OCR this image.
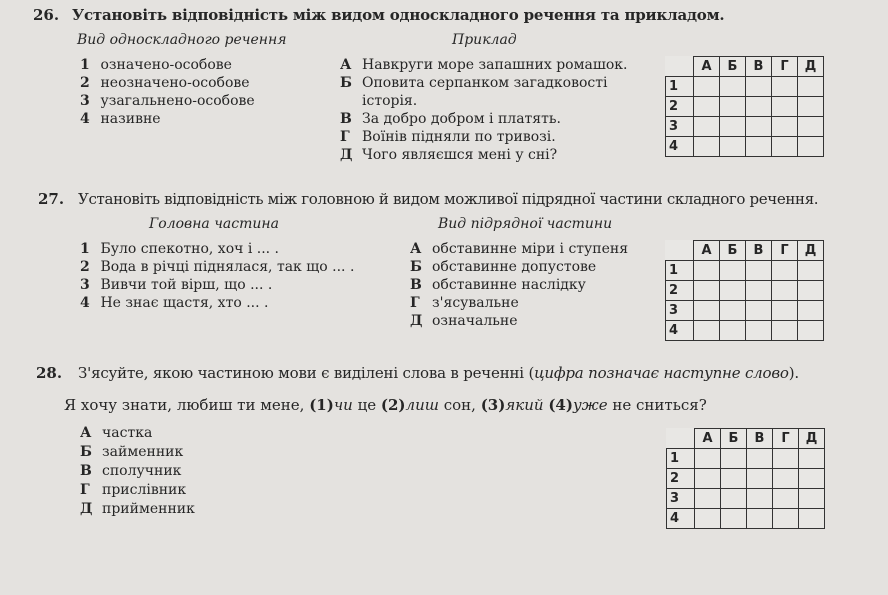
26. Установіть відповідність між видом односкладного речення та прикладом.
Вид односкладного речення	Приклад
1 означено-особове
2 неозначено-особове
3 узагальнено-особове
4 називне
А Навкруги море запашних ромашок.
Б Оповита серпанком загадковості
історія.
В За добро добром і платять.
Г Воїнів підняли по тривозі.
Д Чого являєшся мені у сні?
	А	Б	В	Г	Д
1					
2					
3					
4					
27. Установіть відповідність між головною й видом можливої підрядної частини складного речення.
Головна частина	Вид підрядної частини
1 Було спекотно, хоч і ... .
2 Вода в річці піднялася, так що ... .
3 Вивчи той вірш, що ... .
4 Не знає щастя, хто ... .
А обставинне міри і ступеня
Б обставинне допустове
В обставинне наслідку
Г з'ясувальне
Д означальне
	А	Б	В	Г	Д
1					
2					
3					
4					
28. З'ясуйте, якою частиною мови є виділені слова в реченні (цифра позначає наступне слово).
Я хочу знати, любиш ти мене, (1)чи це (2)лиш сон, (3)який (4)уже не сниться?
А частка
Б займенник
В сполучник
Г прислівник
Д прийменник
	А	Б	В	Г	Д
1					
2					
3					
4					
